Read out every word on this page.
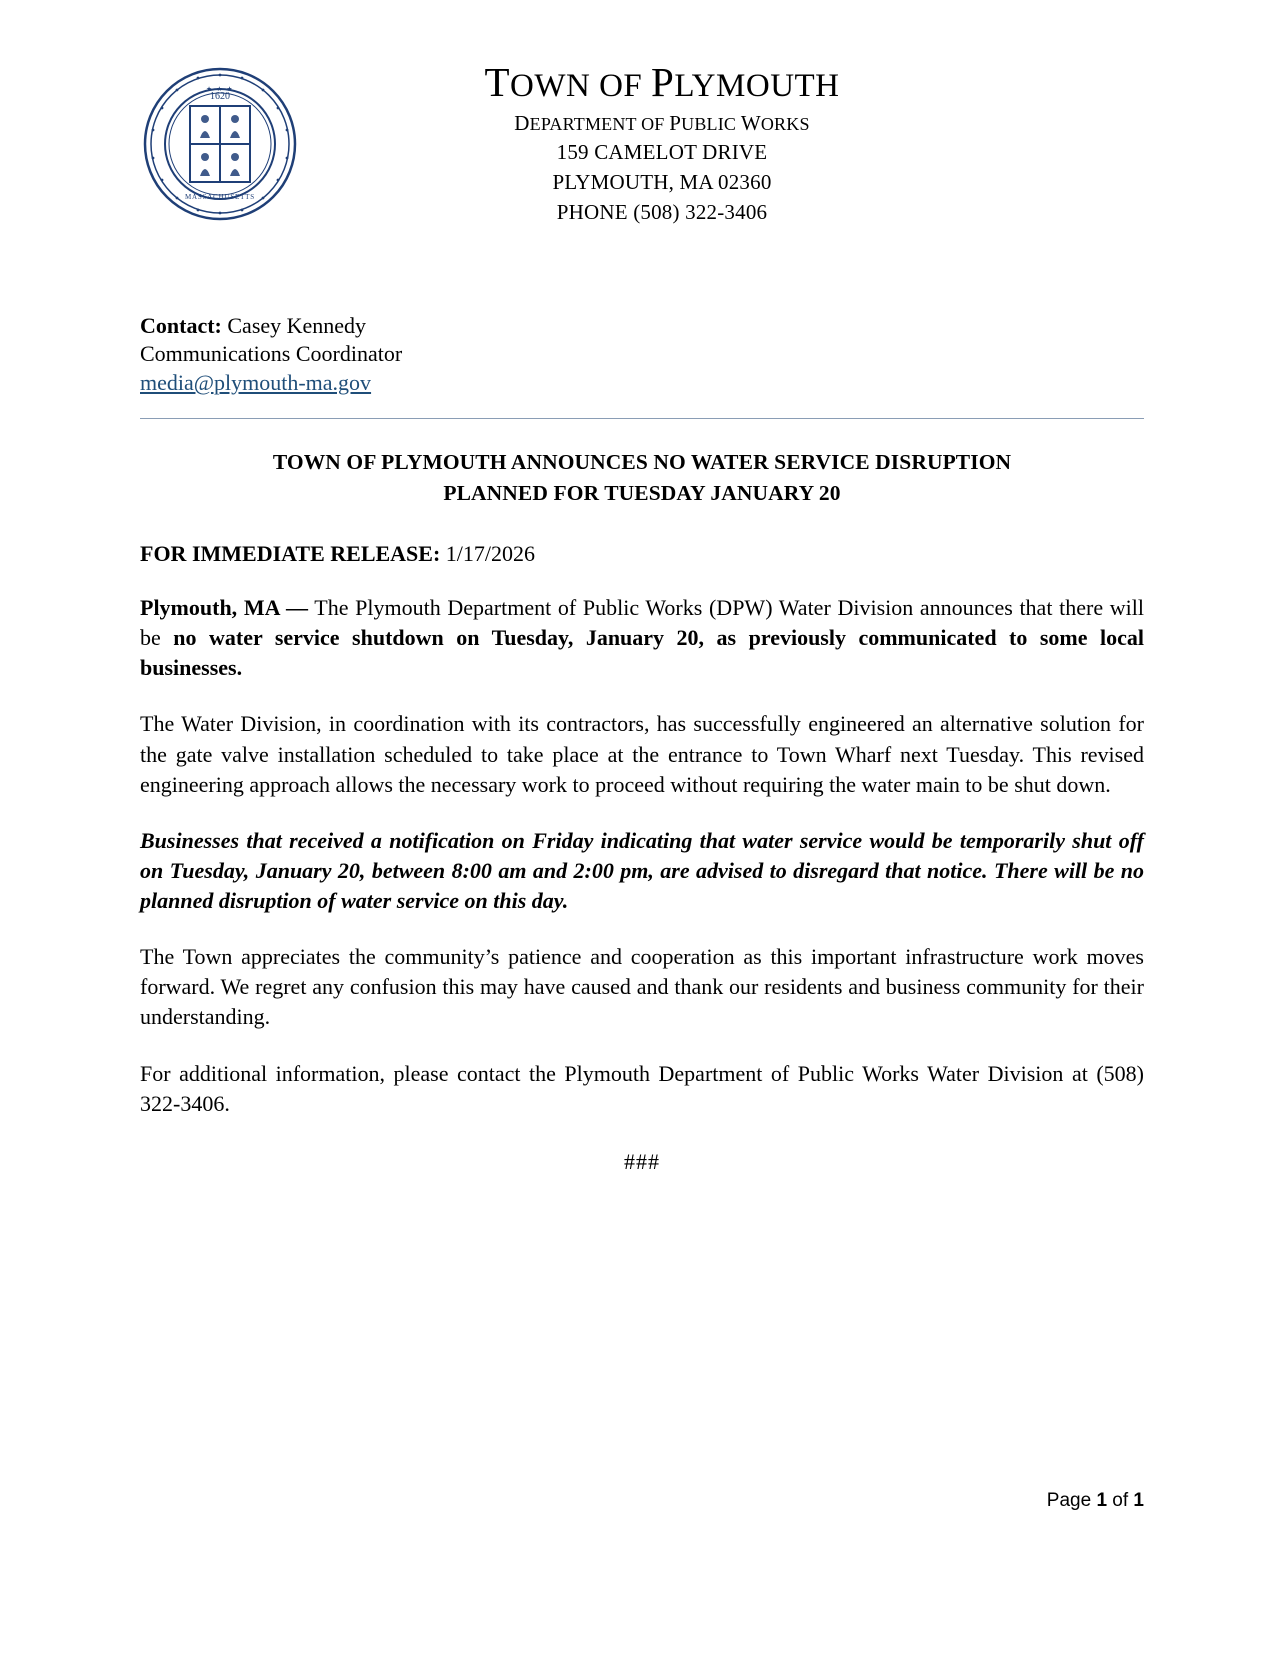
1620
★ ★ ★
MASSACHUSETTS
TOWN OF PLYMOUTH
DEPARTMENT OF PUBLIC WORKS
159 CAMELOT DRIVE
PLYMOUTH, MA 02360
PHONE (508) 322-3406
Contact: Casey Kennedy
Communications Coordinator
media@plymouth-ma.gov
TOWN OF PLYMOUTH ANNOUNCES NO WATER SERVICE DISRUPTION
PLANNED FOR TUESDAY JANUARY 20
FOR IMMEDIATE RELEASE: 1/17/2026

Plymouth, MA — The Plymouth Department of Public Works (DPW) Water Division announces that there will be no water service shutdown on Tuesday, January 20, as previously communicated to some local businesses.

The Water Division, in coordination with its contractors, has successfully engineered an alternative solution for the gate valve installation scheduled to take place at the entrance to Town Wharf next Tuesday. This revised engineering approach allows the necessary work to proceed without requiring the water main to be shut down.

Businesses that received a notification on Friday indicating that water service would be temporarily shut off on Tuesday, January 20, between 8:00 am and 2:00 pm, are advised to disregard that notice. There will be no planned disruption of water service on this day.

The Town appreciates the community’s patience and cooperation as this important infrastructure work moves forward. We regret any confusion this may have caused and thank our residents and business community for their understanding.

For additional information, please contact the Plymouth Department of Public Works Water Division at (508) 322-3406.

###
Page 1 of 1
